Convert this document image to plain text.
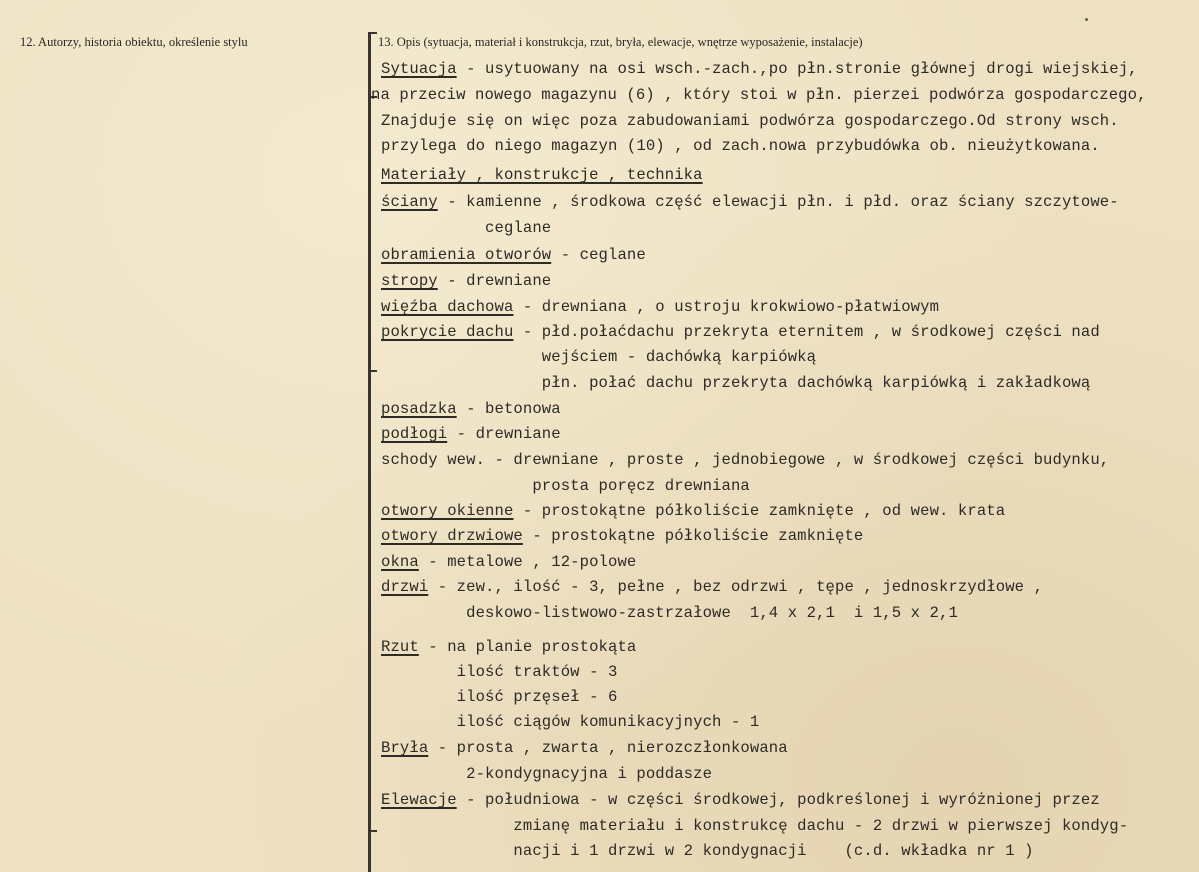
12. Autorzy, historia obiektu, określenie stylu	13. Opis (sytuacja, materiał i konstrukcja, rzut, bryła, elewacje, wnętrze wyposażenie, instalacje)
Sytuacja - usytuowany na osi wsch.-zach.,po płn.stronie głównej drogi wiejskiej,
na przeciw nowego magazynu (6) , który stoi w płn. pierzei podwórza gospodarczego,
Znajduje się on więc poza zabudowaniami podwórza gospodarczego.Od strony wsch.
przylega do niego magazyn (10) , od zach.nowa przybudówka ob. nieużytkowana.
Materiały , konstrukcje , technika
ściany - kamienne , środkowa część elewacji płn. i płd. oraz ściany szczytowe-
ceglane
obramienia otworów - ceglane
stropy - drewniane
więźba dachowa - drewniana , o ustroju krokwiowo-płatwiowym
pokrycie dachu - płd.połaćdachu przekryta eternitem , w środkowej części nad
wejściem - dachówką karpiówką
płn. połać dachu przekryta dachówką karpiówką i zakładkową
posadzka - betonowa
podłogi - drewniane
schody wew. - drewniane , proste , jednobiegowe , w środkowej części budynku,
prosta poręcz drewniana
otwory okienne - prostokątne półkoliście zamknięte , od wew. krata
otwory drzwiowe - prostokątne półkoliście zamknięte
okna - metalowe , 12-polowe
drzwi - zew., ilość - 3, pełne , bez odrzwi , tępe , jednoskrzydłowe ,
deskowo-listwowo-zastrzałowe  1,4 x 2,1  i 1,5 x 2,1
Rzut - na planie prostokąta
ilość traktów - 3
ilość przęseł - 6
ilość ciągów komunikacyjnych - 1
Bryła - prosta , zwarta , nierozczłonkowana
2-kondygnacyjna i poddasze
Elewacje - południowa - w części środkowej, podkreślonej i wyróżnionej przez
zmianę materiału i konstrukcę dachu - 2 drzwi w pierwszej kondyg-
nacji i 1 drzwi w 2 kondygnacji    (c.d. wkładka nr 1 )
